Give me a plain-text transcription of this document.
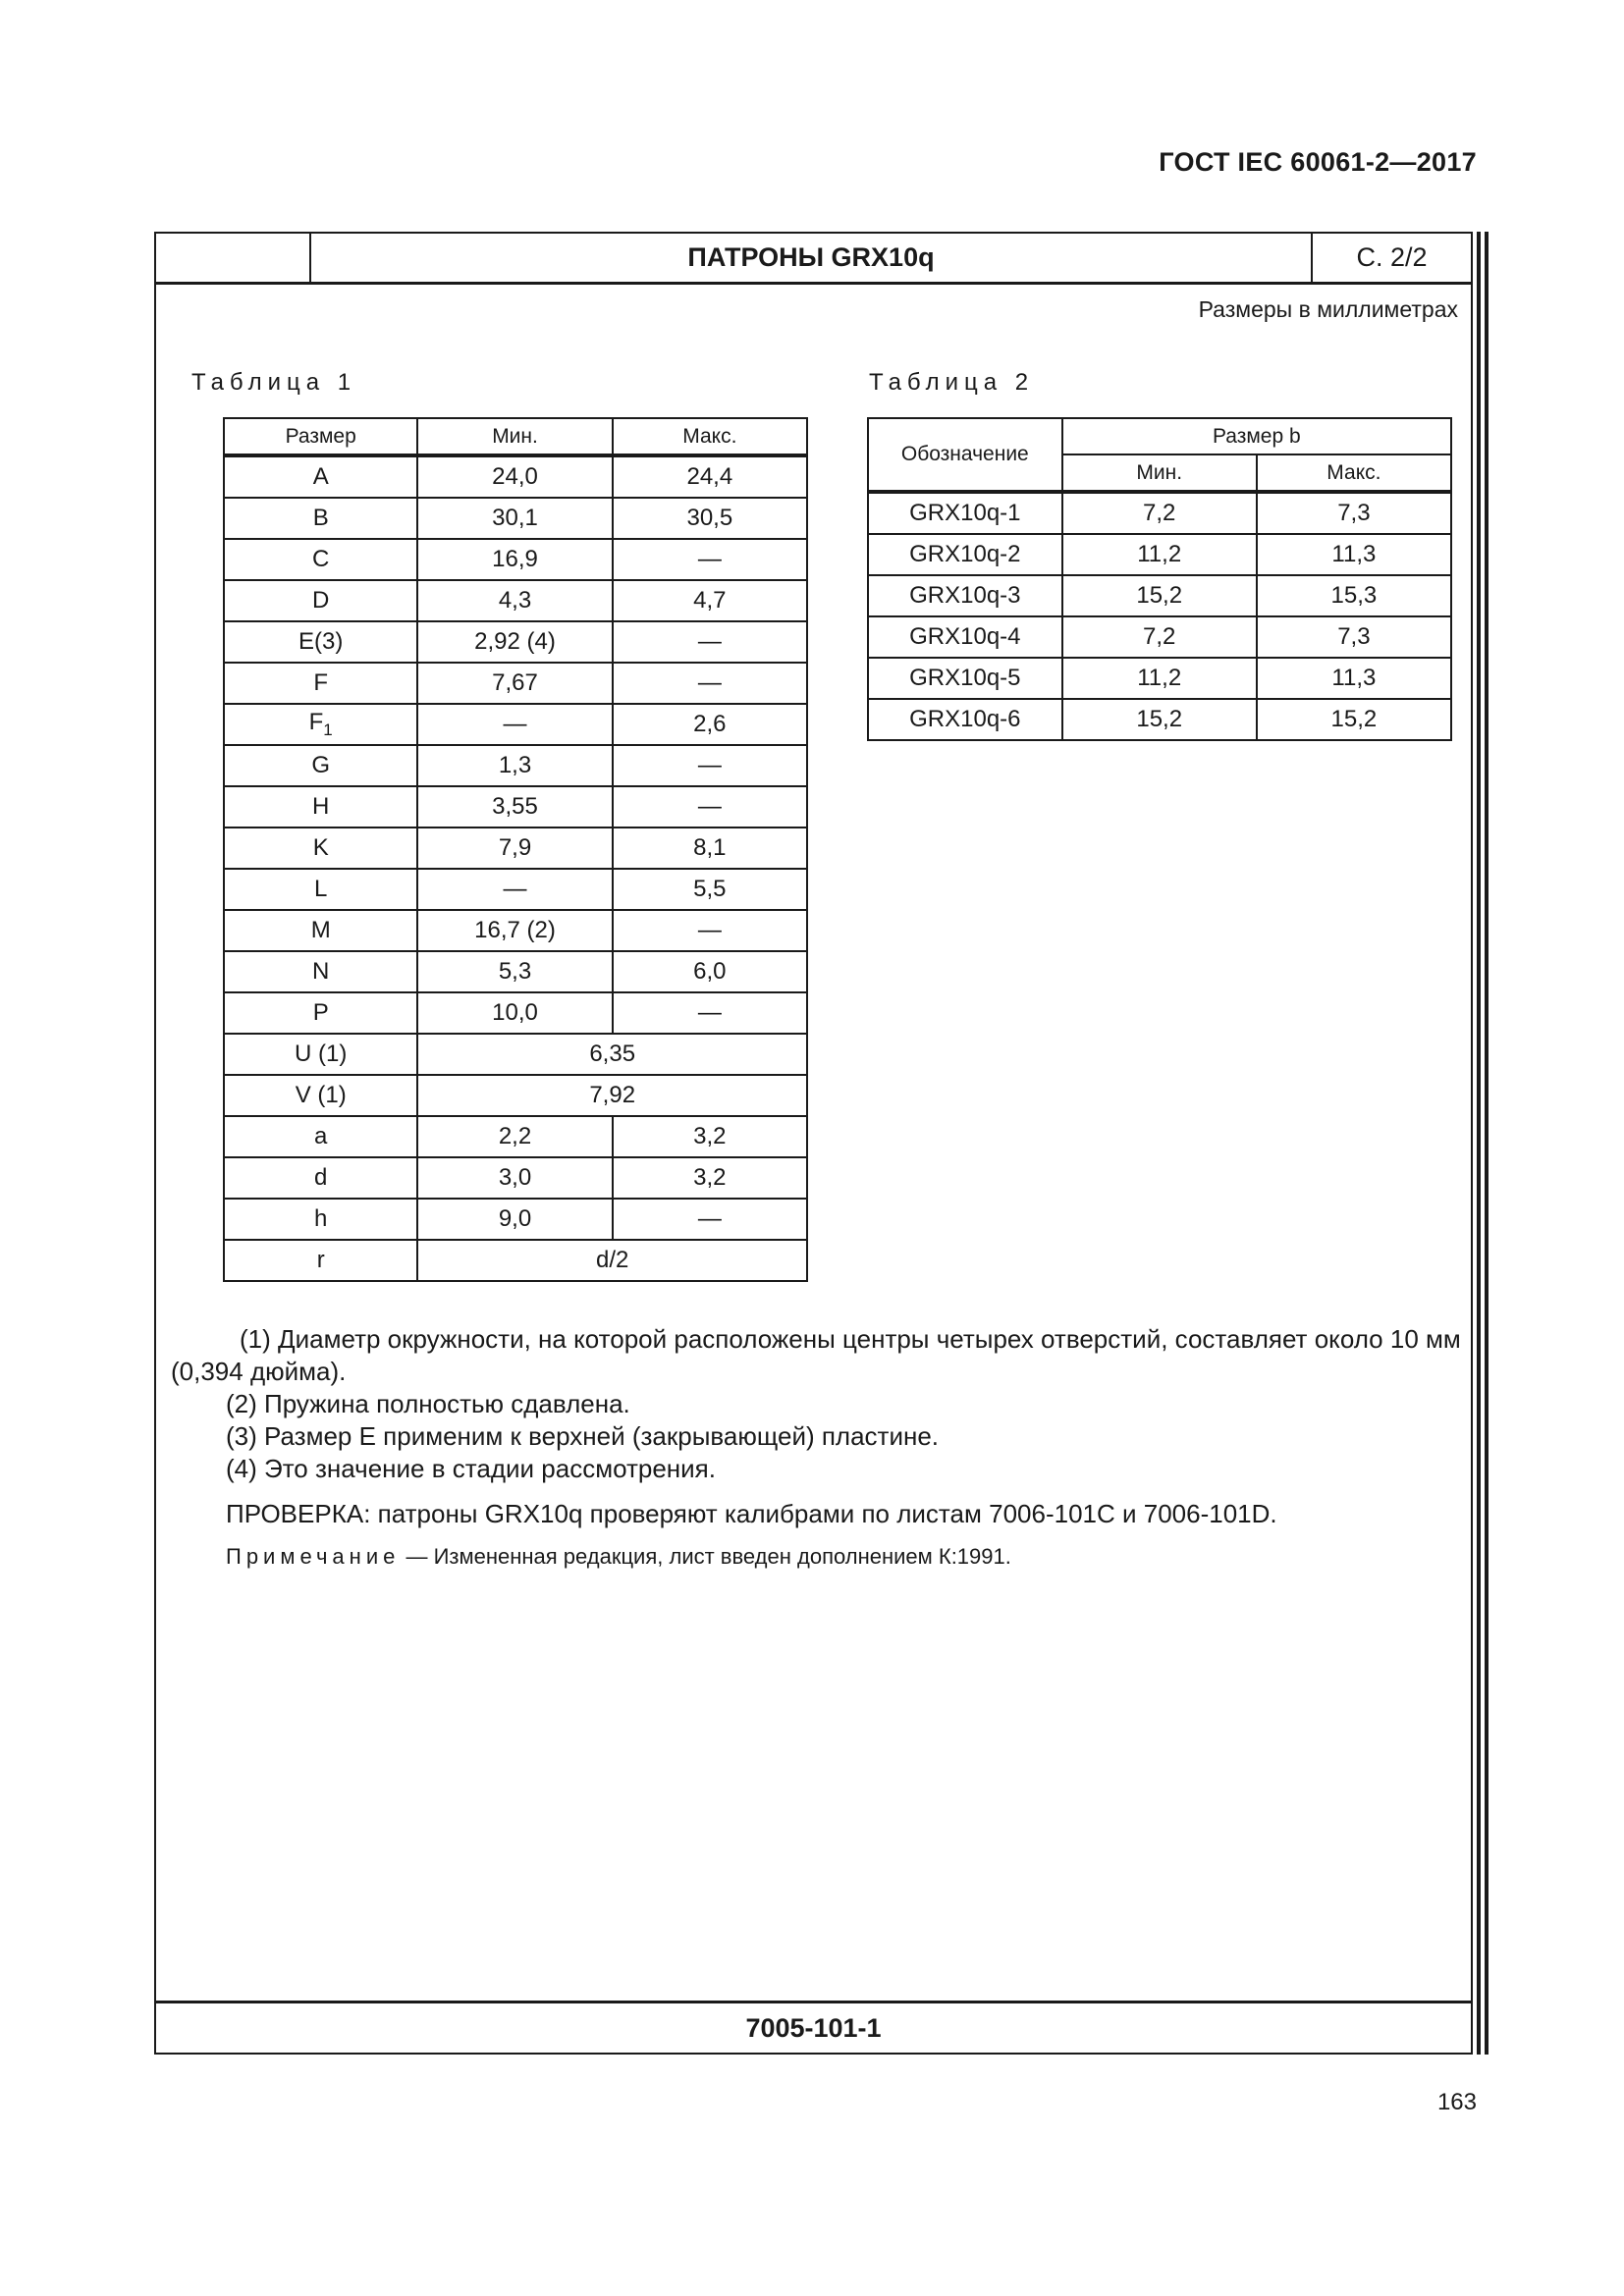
ГОСТ IEC 60061-2—2017
ПАТРОНЫ GRX10q	С. 2/2
Размеры в миллиметрах
Таблица 1	Таблица 2
Размер	Мин.	Макс.
A	24,0	24,4
B	30,1	30,5
C	16,9	—
D	4,3	4,7
E(3)	2,92 (4)	—
F	7,67	—
$F_1$	—	2,6
G	1,3	—
H	3,55	—
K	7,9	8,1
L	—	5,5
M	16,7 (2)	—
N	5,3	6,0
P	10,0	—
U (1)	6,35	
V (1)	7,92	
a	2,2	3,2
d	3,0	3,2
h	9,0	—
r	d/2	
Обозначение	Размер b	
	Мин.	Макс.
GRX10q-1	7,2	7,3
GRX10q-2	11,2	11,3
GRX10q-3	15,2	15,3
GRX10q-4	7,2	7,3
GRX10q-5	11,2	11,3
GRX10q-6	15,2	15,2

(1) Диаметр окружности, на которой расположены центры четырех отверстий, составляет около 10 мм (0,394 дюйма).

(2) Пружина полностью сдавлена.

(3) Размер E применим к верхней (закрывающей) пластине.

(4) Это значение в стадии рассмотрения.

ПРОВЕРКА: патроны GRX10q проверяют калибрами по листам 7006-101C и 7006-101D.

Примечание — Измененная редакция, лист введен дополнением К:1991.

7005-101-1
163
